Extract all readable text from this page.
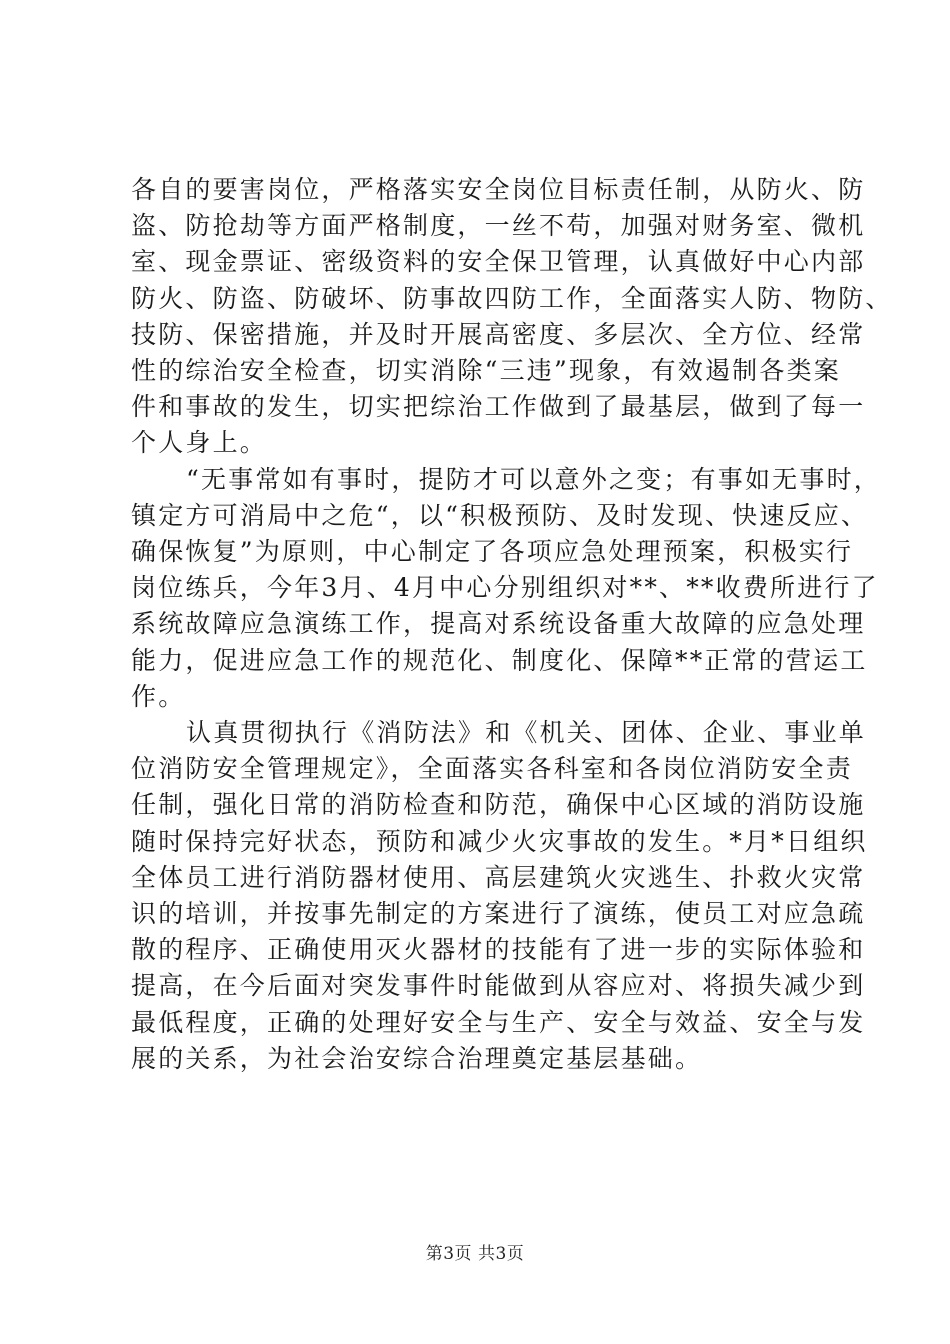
各自的要害岗位，严格落实安全岗位目标责任制，从防火、防
盗、防抢劫等方面严格制度，一丝不苟，加强对财务室、微机
室、现金票证、密级资料的安全保卫管理，认真做好中心内部
防火、防盗、防破坏、防事故四防工作，全面落实人防、物防、
技防、保密措施，并及时开展高密度、多层次、全方位、经常
性的综治安全检查，切实消除“三违”现象，有效遏制各类案
件和事故的发生，切实把综治工作做到了最基层，做到了每一
个人身上。
“无事常如有事时，提防才可以意外之变；有事如无事时，
镇定方可消局中之危“，以“积极预防、及时发现、快速反应、
确保恢复”为原则，中心制定了各项应急处理预案，积极实行
岗位练兵，今年3月、4月中心分别组织对**、**收费所进行了
系统故障应急演练工作，提高对系统设备重大故障的应急处理
能力，促进应急工作的规范化、制度化、保障**正常的营运工
作。
认真贯彻执行《消防法》和《机关、团体、企业、事业单
位消防安全管理规定》，全面落实各科室和各岗位消防安全责
任制，强化日常的消防检查和防范，确保中心区域的消防设施
随时保持完好状态，预防和减少火灾事故的发生。*月*日组织
全体员工进行消防器材使用、高层建筑火灾逃生、扑救火灾常
识的培训，并按事先制定的方案进行了演练，使员工对应急疏
散的程序、正确使用灭火器材的技能有了进一步的实际体验和
提高，在今后面对突发事件时能做到从容应对、将损失减少到
最低程度，正确的处理好安全与生产、安全与效益、安全与发
展的关系，为社会治安综合治理奠定基层基础。
第3页 共3页
